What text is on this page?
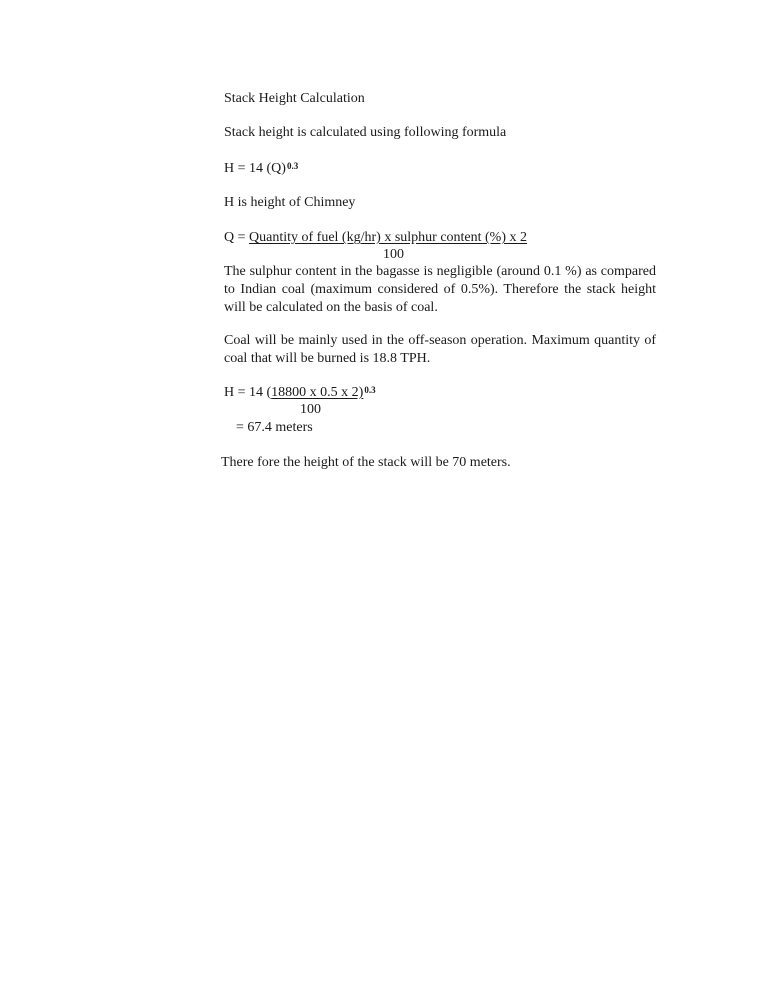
Stack Height Calculation
Stack height is calculated using following formula
H = 14 $(Q)^{0.3}$
H is height of Chimney
Q = Quantity of fuel (kg/hr) x sulphur content (%) x 2
100
The sulphur content in the bagasse is negligible (around 0.1 %) as compared to Indian coal (maximum considered of 0.5%). Therefore the stack height will be calculated on the basis of coal.
Coal will be mainly used in the off-season operation. Maximum quantity of coal that will be burned is 18.8 TPH.
H = 14 (18800 x 0.5 x 2)$^{0.3}$
100
= 67.4 meters
There fore the height of the stack will be 70 meters.
